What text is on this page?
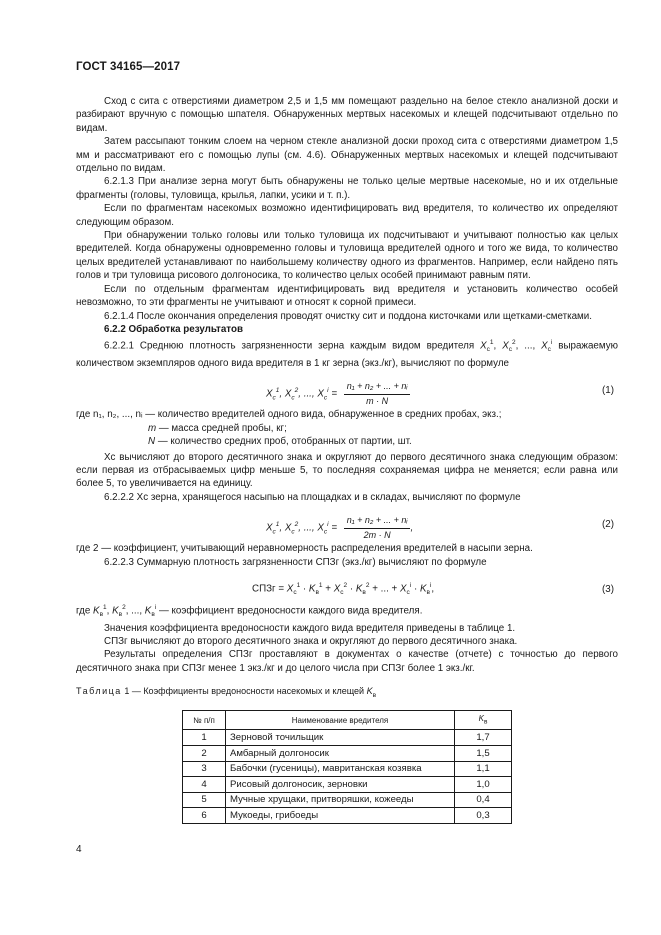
ГОСТ 34165—2017

Сход с сита с отверстиями диаметром 2,5 и 1,5 мм помещают раздельно на белое стекло анализной доски и разбирают вручную с помощью шпателя. Обнаруженных мертвых насекомых и клещей подсчитывают отдельно по видам.

Затем рассыпают тонким слоем на черном стекле анализной доски проход сита с отверстиями диаметром 1,5 мм и рассматривают его с помощью лупы (см. 4.6). Обнаруженных мертвых насекомых и клещей подсчитывают отдельно по видам.

6.2.1.3 При анализе зерна могут быть обнаружены не только целые мертвые насекомые, но и их отдельные фрагменты (головы, туловища, крылья, лапки, усики и т. п.).

Если по фрагментам насекомых возможно идентифицировать вид вредителя, то количество их определяют следующим образом.

При обнаружении только головы или только туловища их подсчитывают и учитывают полностью как целых вредителей. Когда обнаружены одновременно головы и туловища вредителей одного и того же вида, то количество целых вредителей устанавливают по наибольшему количеству одного из фрагментов. Например, если найдено пять голов и три туловища рисового долгоносика, то количество целых особей принимают равным пяти.

Если по отдельным фрагментам идентифицировать вид вредителя и установить количество особей невозможно, то эти фрагменты не учитывают и относят к сорной примеси.

6.2.1.4 После окончания определения проводят очистку сит и поддона кисточками или щетками-сметками.

6.2.2 Обработка результатов

6.2.2.1 Среднюю плотность загрязненности зерна каждым видом вредителя $X_c^1$, $X_c^2$, ..., $X_c^i$ выражаемую количеством экземпляров одного вида вредителя в 1 кг зерна (экз./кг), вычисляют по формуле

$X_c^1$, $X_c^2$, ..., $X_c^i = \frac{\text{n₁ + n₂ + ... + nᵢ}}{m \cdot N}$	(1)
где n₁, n₂, ..., nᵢ — количество вредителей одного вида, обнаруженное в средних пробах, экз.;
m — масса средней пробы, кг;
N — количество средних проб, отобранных от партии, шт.

Xc вычисляют до второго десятичного знака и округляют до первого десятичного знака следующим образом: если первая из отбрасываемых цифр меньше 5, то последняя сохраняемая цифра не меняется; если равна или более 5, то увеличивается на единицу.

6.2.2.2 Xc зерна, хранящегося насыпью на площадках и в складах, вычисляют по формуле

$X_c^1$, $X_c^2$, ..., $X_c^i = \frac{\text{n₁ + n₂ + ... + nᵢ}}{2m \cdot N}$ ,	(2)

где 2 — коэффициент, учитывающий неравномерность распределения вредителей в насыпи зерна.

6.2.2.3 Суммарную плотность загрязненности СПЗг (экз./кг) вычисляют по формуле

СПЗг = $X_c^1 \cdot K_в^1 + X_c^2 \cdot K_в^2$ + ... + $X_c^i \cdot K_в^i$,	(3)

где $K_в^1$, $K_в^2$, ..., $K_в^i$ — коэффициент вредоносности каждого вида вредителя.

Значения коэффициента вредоносности каждого вида вредителя приведены в таблице 1.

СПЗг вычисляют до второго десятичного знака и округляют до первого десятичного знака.

Результаты определения СПЗг проставляют в документах о качестве (отчете) с точностью до первого десятичного знака при СПЗг менее 1 экз./кг и до целого числа при СПЗг более 1 экз./кг.

Таблица 1 — Коэффициенты вредоносности насекомых и клещей $K_в$
№ п/п	Наименование вредителя	$K_в$
1	Зерновой точильщик	1,7
2	Амбарный долгоносик	1,5
3	Бабочки (гусеницы), мавританская козявка	1,1
4	Рисовый долгоносик, зерновки	1,0
5	Мучные хрущаки, притворяшки, кожееды	0,4
6	Мукоеды, грибоеды	0,3
4
